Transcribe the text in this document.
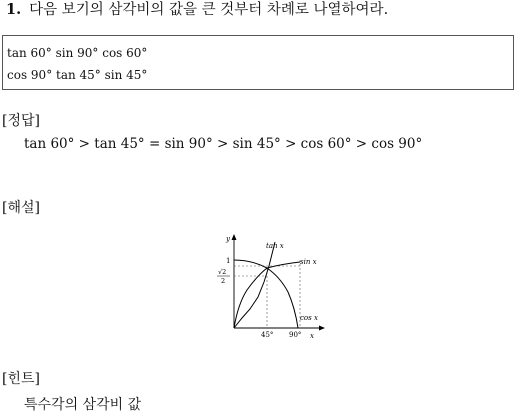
1. 다음 보기의 삼각비의 값을 큰 것부터 차례로 나열하여라.
tan 60° sin 90° cos 60°
cos 90° tan 45° sin 45°
[정답]
tan 60° > tan 45° = sin 90° > sin 45° > cos 60° > cos 90°
[해설]
y
x
tan x
sin x
cos x
1
√2
2
45° 90°
[힌트]
특수각의 삼각비 값
